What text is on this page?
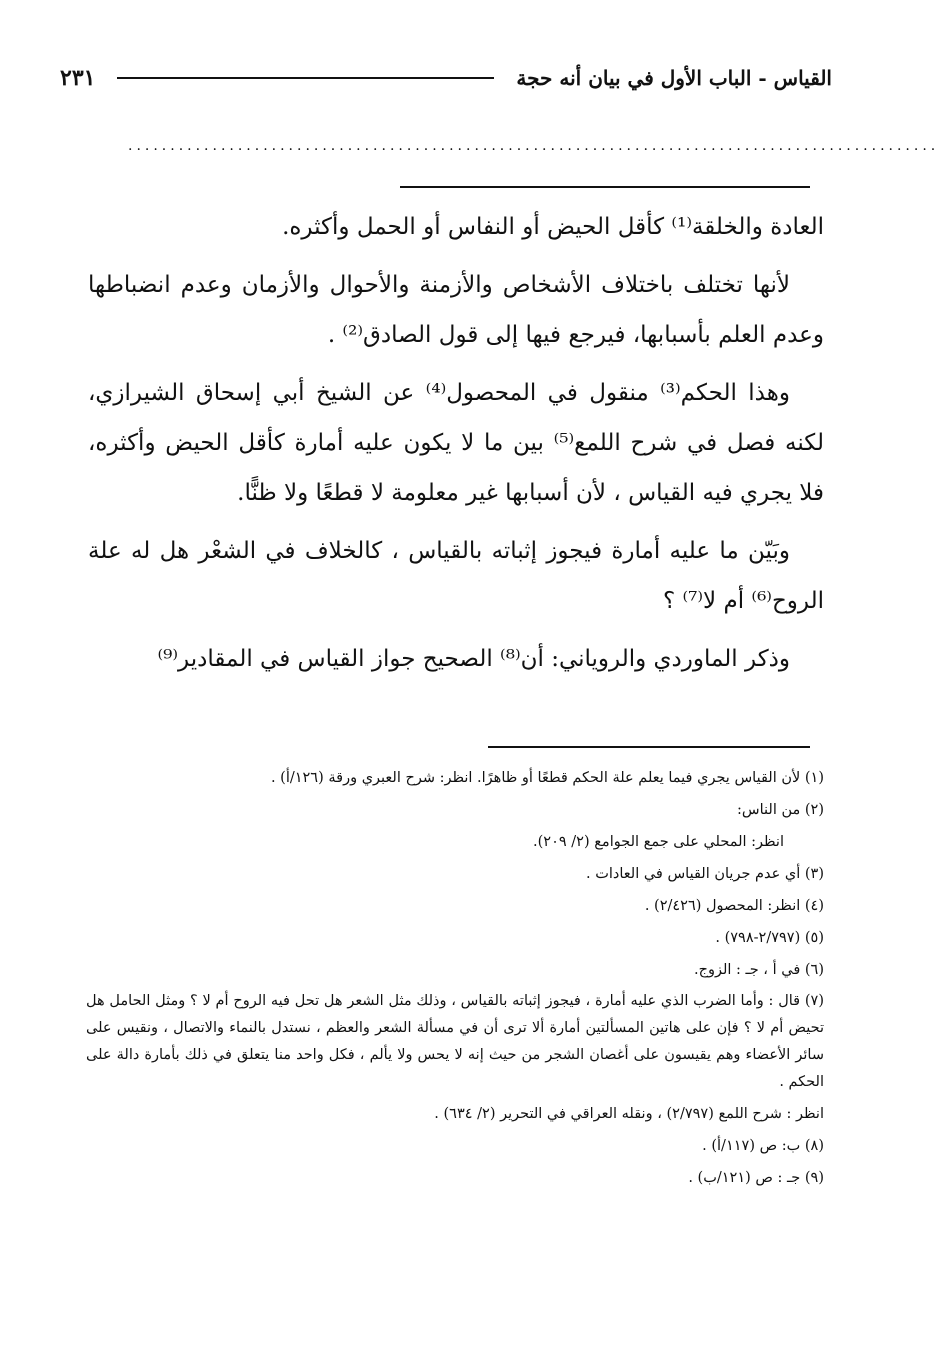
القياس - الباب الأول في بيان أنه حجة
٢٣١
................................................................................................

العادة والخلقة⁽¹⁾ كأقل الحيض أو النفاس أو الحمل وأكثره.

لأنها تختلف باختلاف الأشخاص والأزمنة والأحوال والأزمان وعدم انضباطها وعدم العلم بأسبابها، فيرجع فيها إلى قول الصادق⁽²⁾ .

وهذا الحكم⁽³⁾ منقول في المحصول⁽⁴⁾ عن الشيخ أبي إسحاق الشيرازي، لكنه فصل في شرح اللمع⁽⁵⁾ بين ما لا يكون عليه أمارة كأقل الحيض وأكثره، فلا يجري فيه القياس ، لأن أسبابها غير معلومة لا قطعًا ولا ظنًّا.

وبَيّن ما عليه أمارة فيجوز إثباته بالقياس ، كالخلاف في الشعْر هل له علة الروح⁽⁶⁾ أم لا⁽⁷⁾ ؟

وذكر الماوردي والروياني: أن⁽⁸⁾ الصحيح جواز القياس في المقادير⁽⁹⁾

(١) لأن القياس يجري فيما يعلم علة الحكم قطعًا أو ظاهرًا. انظر: شرح العبري ورقة (١٢٦/أ) .
(٢) من الناس:
انظر: المحلي على جمع الجوامع (٢/ ٢٠٩).
(٣) أي عدم جريان القياس في العادات .
(٤) انظر: المحصول (٢/٤٢٦) .
(٥) (٢/٧٩٧-٧٩٨) .
(٦) في أ ، جـ : الزوج.
(٧) قال : وأما الضرب الذي عليه أمارة ، فيجوز إثباته بالقياس ، وذلك مثل الشعر هل تحل فيه الروح أم لا ؟ ومثل الحامل هل تحيض أم لا ؟ فإن على هاتين المسألتين أمارة ألا ترى أن في مسألة الشعر والعظم ، نستدل بالنماء والاتصال ، ونقيس على سائر الأعضاء وهم يقيسون على أغصان الشجر من حيث إنه لا يحس ولا يألم ، فكل واحد منا يتعلق في ذلك بأمارة دالة على الحكم .
انظر : شرح اللمع (٢/٧٩٧) ، ونقله العراقي في التحرير (٢/ ٦٣٤) .
(٨) ب: ص (١١٧/أ) .
(٩) جـ : ص (١٢١/ب) .
